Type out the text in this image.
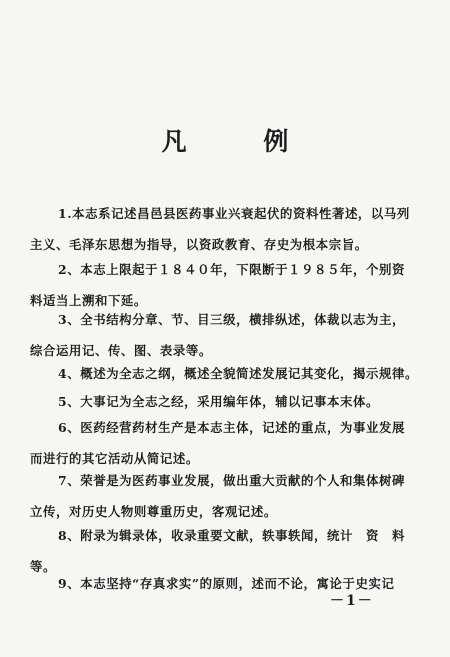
凡 例
1.本志系记述昌邑县医药事业兴衰起伏的资料性著述，以马列
主义、毛泽东思想为指导，以资政教育、存史为根本宗旨。
2、本志上限起于１８４０年，下限断于１９８５年，个别资
料适当上溯和下延。
3、全书结构分章、节、目三级，横排纵述，体裁以志为主，
综合运用记、传、图、表录等。
4、概述为全志之纲，概述全貌简述发展记其变化，揭示规律。
5、大事记为全志之经，采用编年体，辅以记事本末体。
6、医药经营药材生产是本志主体，记述的重点，为事业发展
而进行的其它活动从简记述。
7、荣誉是为医药事业发展，做出重大贡献的个人和集体树碑
立传，对历史人物则尊重历史，客观记述。
8、附录为辑录体，收录重要文献，轶事轶闻，统计　资　料
等。
9、本志坚持“存真求实”的原则，述而不论，寓论于史实记
－1－
